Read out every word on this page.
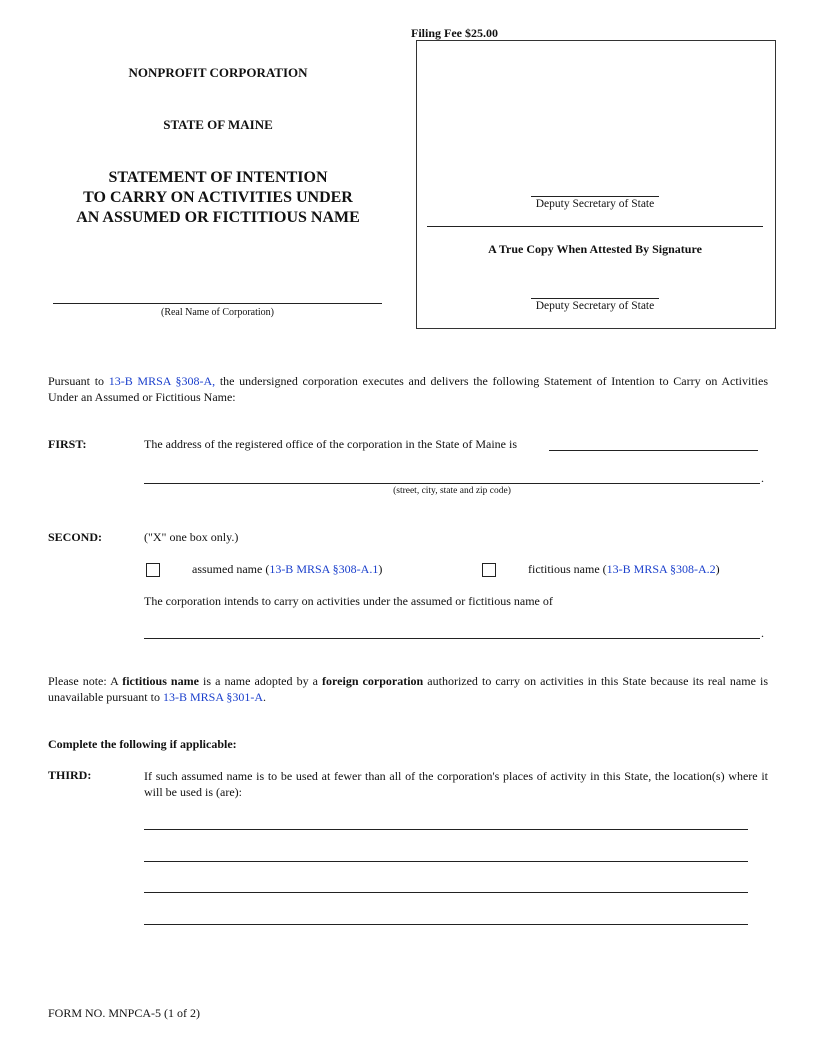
Filing Fee $25.00
NONPROFIT CORPORATION
STATE OF MAINE
STATEMENT OF INTENTION
TO CARRY ON ACTIVITIES UNDER
AN ASSUMED OR FICTITIOUS NAME
(Real Name of Corporation)
Deputy Secretary of State
A True Copy When Attested By Signature
Deputy Secretary of State
Pursuant to 13-B MRSA §308-A, the undersigned corporation executes and delivers the following Statement of Intention to Carry on Activities Under an Assumed or Fictitious Name:
FIRST:	The address of the registered office of the corporation in the State of Maine is
.
(street, city, state and zip code)
SECOND:	("X" one box only.)
assumed name (13-B MRSA §308-A.1)	fictitious name (13-B MRSA §308-A.2)
The corporation intends to carry on activities under the assumed or fictitious name of
.
Please note: A fictitious name is a name adopted by a foreign corporation authorized to carry on activities in this State because its real name is unavailable pursuant to 13-B MRSA §301-A.
Complete the following if applicable:
THIRD:	If such assumed name is to be used at fewer than all of the corporation's places of activity in this State, the location(s) where it will be used is (are):
FORM NO. MNPCA-5 (1 of 2)
